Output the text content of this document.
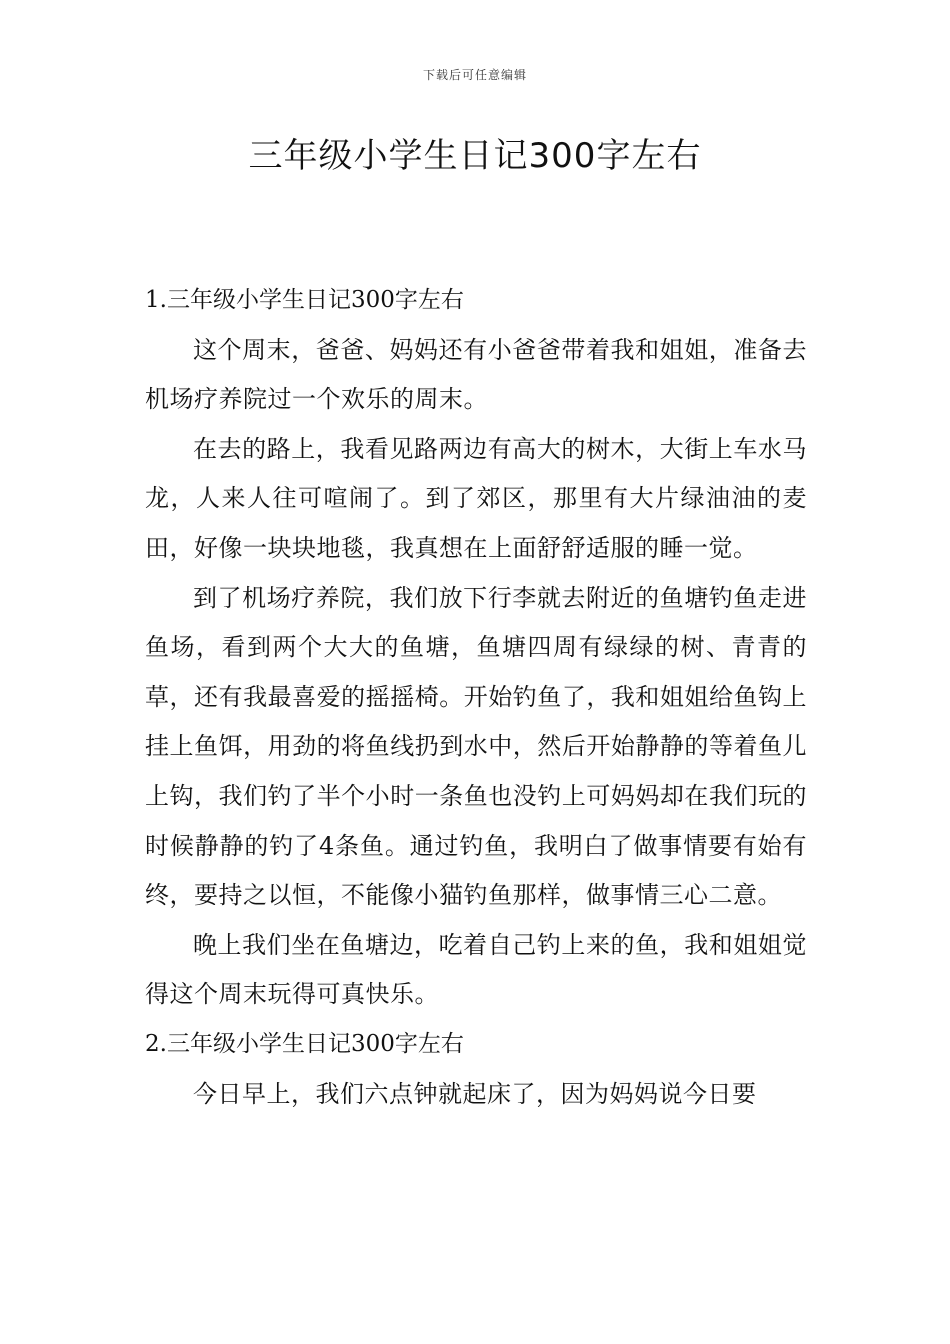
下载后可任意编辑
三年级小学生日记300字左右

1.三年级小学生日记300字左右

这个周末，爸爸、妈妈还有小爸爸带着我和姐姐，准备去机场疗养院过一个欢乐的周末。

在去的路上，我看见路两边有高大的树木，大街上车水马龙，人来人往可喧闹了。到了郊区，那里有大片绿油油的麦田，好像一块块地毯，我真想在上面舒舒适服的睡一觉。

到了机场疗养院，我们放下行李就去附近的鱼塘钓鱼走进鱼场，看到两个大大的鱼塘，鱼塘四周有绿绿的树、青青的草，还有我最喜爱的摇摇椅。开始钓鱼了，我和姐姐给鱼钩上挂上鱼饵，用劲的将鱼线扔到水中，然后开始静静的等着鱼儿上钩，我们钓了半个小时一条鱼也没钓上可妈妈却在我们玩的时候静静的钓了4条鱼。通过钓鱼，我明白了做事情要有始有终，要持之以恒，不能像小猫钓鱼那样，做事情三心二意。

晚上我们坐在鱼塘边，吃着自己钓上来的鱼，我和姐姐觉得这个周末玩得可真快乐。

2.三年级小学生日记300字左右

今日早上，我们六点钟就起床了，因为妈妈说今日要
